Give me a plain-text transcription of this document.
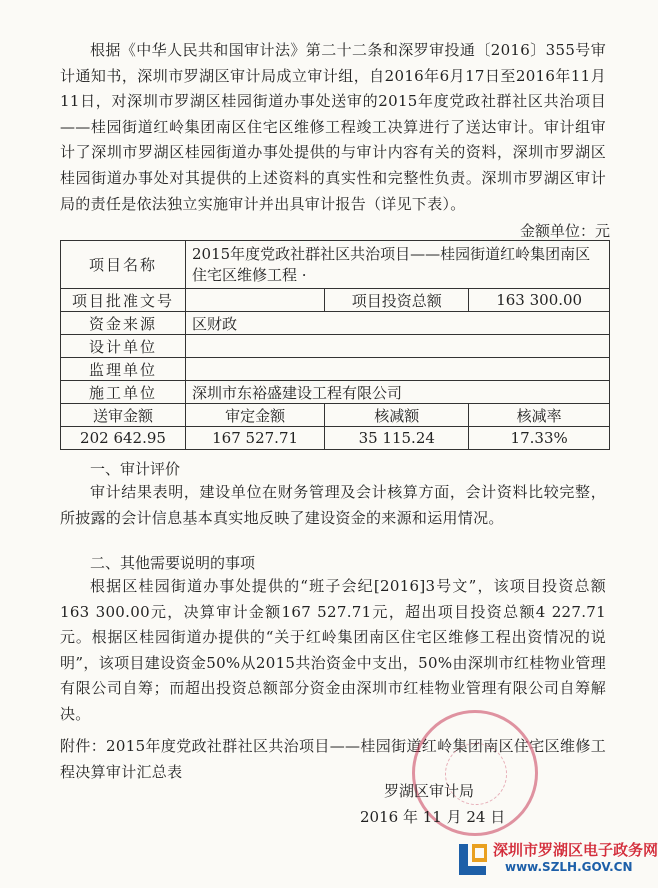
根据《中华人民共和国审计法》第二十二条和深罗审投通〔2016〕355号审计通知书，深圳市罗湖区审计局成立审计组，自2016年6月17日至2016年11月11日，对深圳市罗湖区桂园街道办事处送审的2015年度党政社群社区共治项目——桂园街道红岭集团南区住宅区维修工程竣工决算进行了送达审计。审计组审计了深圳市罗湖区桂园街道办事处提供的与审计内容有关的资料，深圳市罗湖区桂园街道办事处对其提供的上述资料的真实性和完整性负责。深圳市罗湖区审计局的责任是依法独立实施审计并出具审计报告（详见下表）。

金额单位：元
项目名称	2015年度党政社群社区共治项目——桂园街道红岭集团南区住宅区维修工程 ·		
项目批准文号		项目投资总额	163 300.00
资金来源	区财政		
设计单位			
监理单位			
施工单位	深圳市东裕盛建设工程有限公司		
送审金额	审定金额	核减额	核减率
202 642.95	167 527.71	35 115.24	17.33%
一、审计评价

审计结果表明，建设单位在财务管理及会计核算方面，会计资料比较完整，所披露的会计信息基本真实地反映了建设资金的来源和运用情况。

二、其他需要说明的事项

根据区桂园街道办事处提供的“班子会纪[2016]3号文”，该项目投资总额163 300.00元，决算审计金额167 527.71元，超出项目投资总额4 227.71元。根据区桂园街道办提供的“关于红岭集团南区住宅区维修工程出资情况的说明”，该项目建设资金50%从2015共治资金中支出，50%由深圳市红桂物业管理有限公司自筹；而超出投资总额部分资金由深圳市红桂物业管理有限公司自筹解决。

附件：2015年度党政社群社区共治项目——桂园街道红岭集团南区住宅区维修工程决算审计汇总表

罗湖区审计局
2016 年 11 月 24 日
深圳市罗湖区电子政务网
www.SZLH.GOV.CN
